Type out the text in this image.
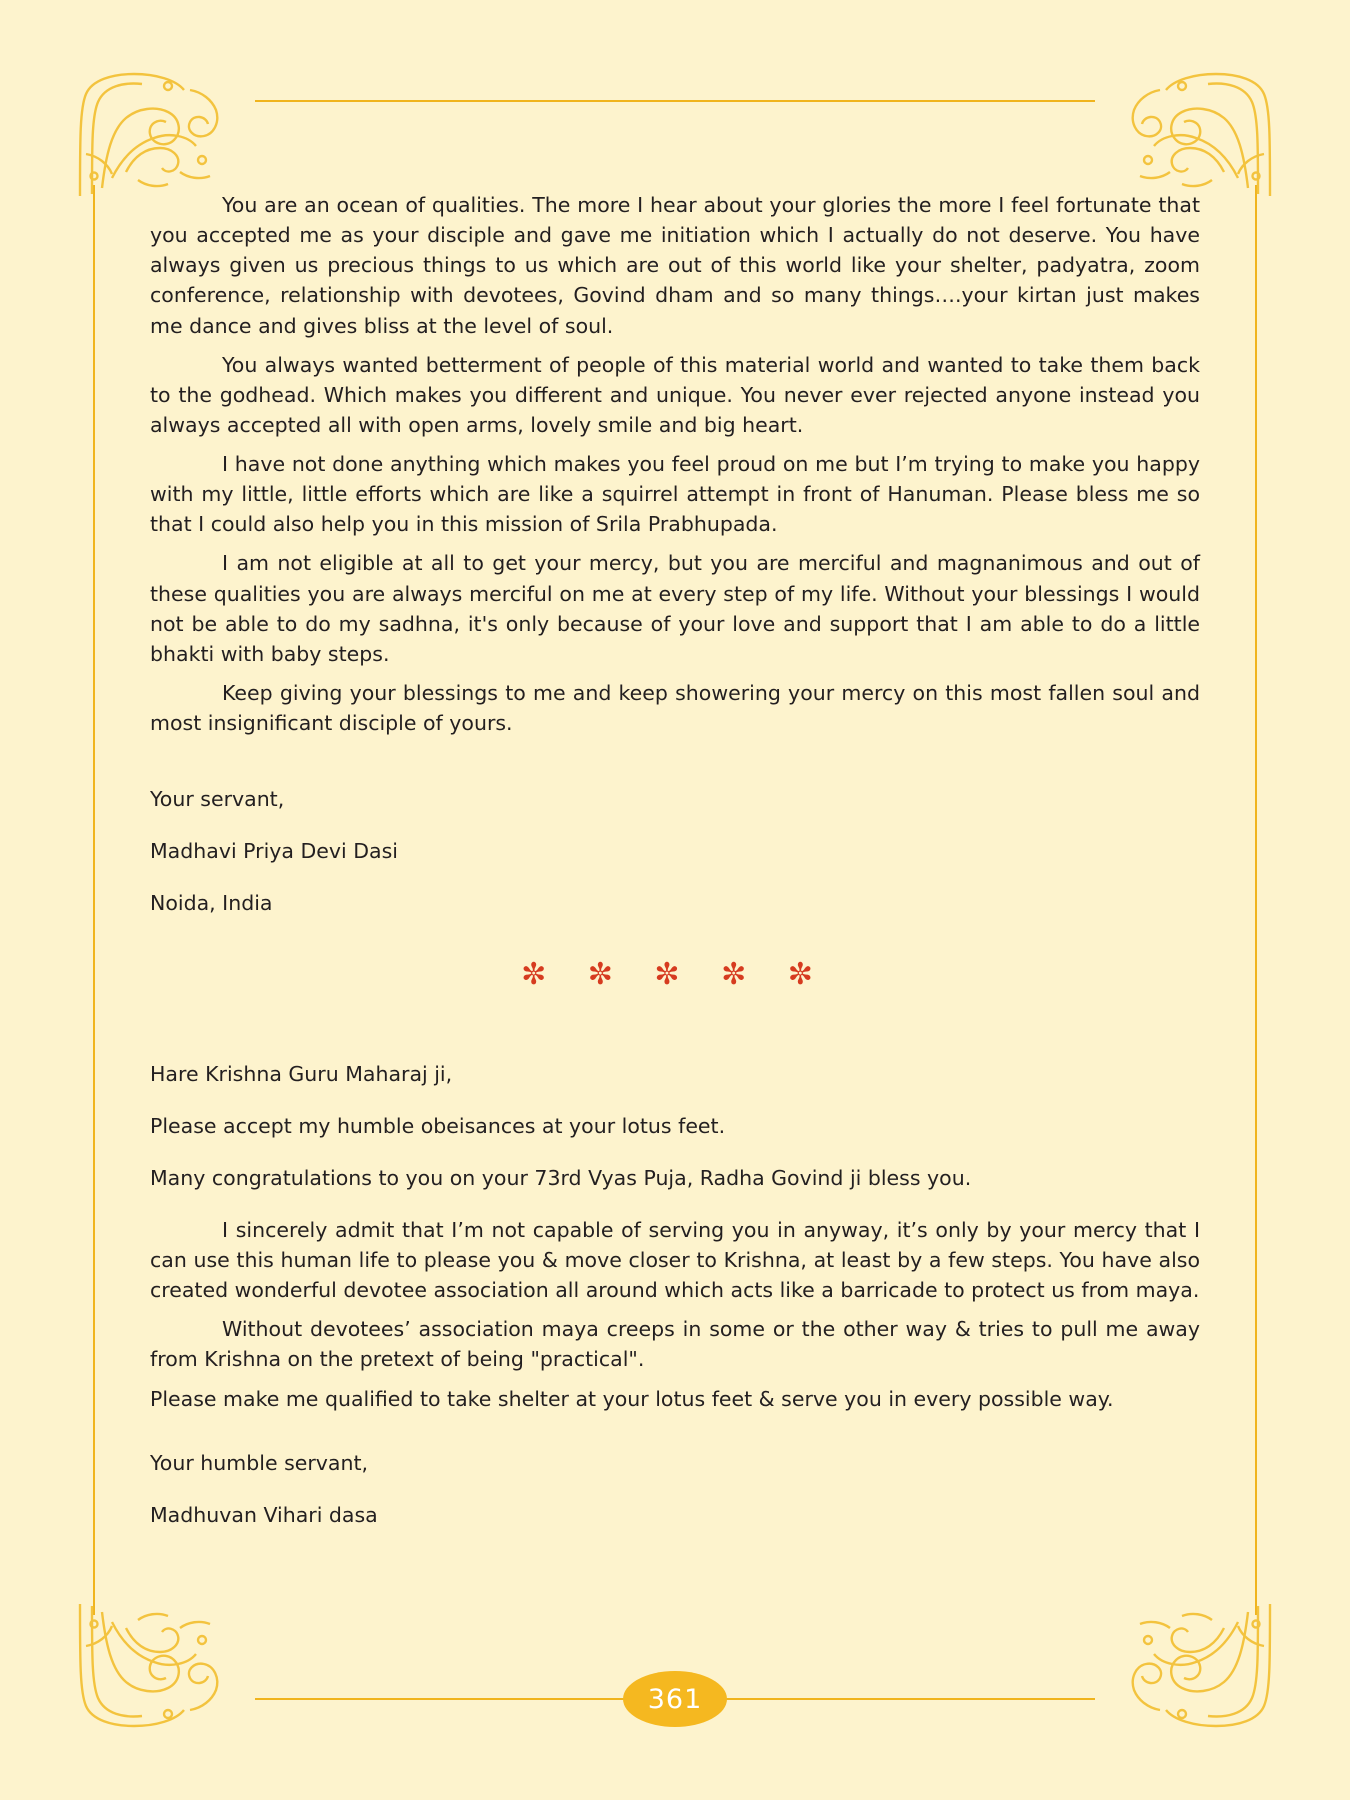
You are an ocean of qualities. The more I hear about your glories the more I feel fortunate that you accepted me as your disciple and gave me initiation which I actually do not deserve. You have always given us precious things to us which are out of this world like your shelter, padyatra, zoom conference, relationship with devotees, Govind dham and so many things….your kirtan just makes me dance and gives bliss at the level of soul.

You always wanted betterment of people of this material world and wanted to take them back to the godhead. Which makes you different and unique. You never ever rejected anyone instead you always accepted all with open arms, lovely smile and big heart.

I have not done anything which makes you feel proud on me but I’m trying to make you happy with my little, little efforts which are like a squirrel attempt in front of Hanuman. Please bless me so that I could also help you in this mission of Srila Prabhupada.

I am not eligible at all to get your mercy, but you are merciful and magnanimous and out of these qualities you are always merciful on me at every step of my life. Without your blessings I would not be able to do my sadhna, it's only because of your love and support that I am able to do a little bhakti with baby steps.

Keep giving your blessings to me and keep showering your mercy on this most fallen soul and most insignificant disciple of yours.

Your servant,

Madhavi Priya Devi Dasi

Noida, India

✼ ✼ ✼ ✼ ✼

Hare Krishna Guru Maharaj ji,

Please accept my humble obeisances at your lotus feet.

Many congratulations to you on your 73rd Vyas Puja, Radha Govind ji bless you.

I sincerely admit that I’m not capable of serving you in anyway, it’s only by your mercy that I can use this human life to please you & move closer to Krishna, at least by a few steps. You have also created wonderful devotee association all around which acts like a barricade to protect us from maya.

Without devotees’ association maya creeps in some or the other way & tries to pull me away from Krishna on the pretext of being "practical".

Please make me qualified to take shelter at your lotus feet & serve you in every possible way.

Your humble servant,

Madhuvan Vihari dasa

361
